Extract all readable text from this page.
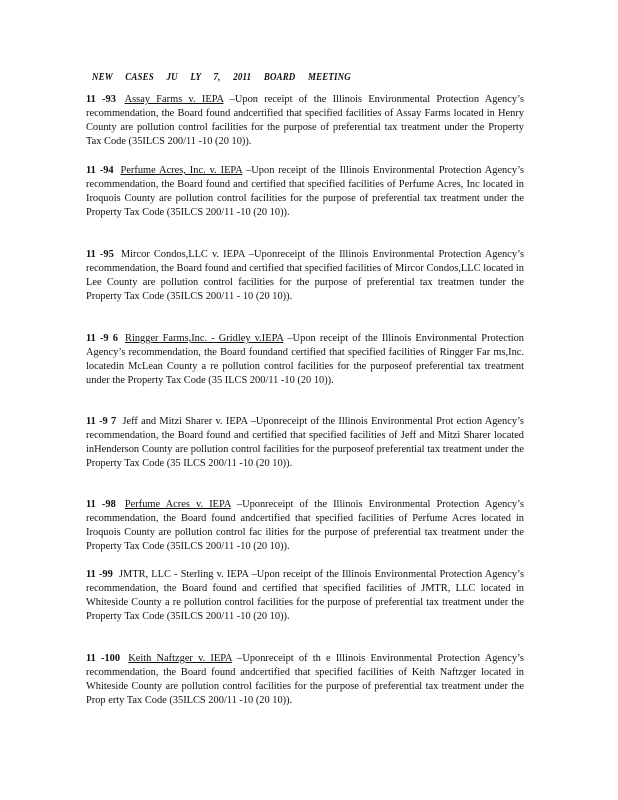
NEW CASES JU LY 7, 2011 BOARD MEETING

11 -93 Assay Farms v. IEPA –Upon receipt of the Illinois Environmental Protection Agency’s recommendation, the Board found andcertified that specified facilities of Assay Farms located in Henry County are pollution control facilities for the purpose of preferential tax treatment under the Property Tax Code (35ILCS 200/11 -10 (20 10)).

11 -94 Perfume Acres, Inc. v. IEPA –Upon receipt of the Illinois Environmental Protection Agency’s recommendation, the Board found and certified that specified facilities of Perfume Acres, Inc located in Iroquois County are pollution control facilities for the purpose of preferential tax treatment under the Property Tax Code (35ILCS 200/11 -10 (20 10)).

11 -95 Mircor Condos,LLC v. IEPA –Uponreceipt of the Illinois Environmental Protection Agency’s recommendation, the Board found and certified that specified facilities of Mircor Condos,LLC located in Lee County are pollution control facilities for the purpose of preferential tax treatmen tunder the Property Tax Code (35ILCS 200/11 - 10 (20 10)).

11 -9 6 Ringger Farms,Inc. - Gridley v.IEPA –Upon receipt of the Illinois Environmental Protection Agency’s recommendation, the Board foundand certified that specified facilities of Ringger Far ms,Inc. locatedin McLean County a re pollution control facilities for the purposeof preferential tax treatment under the Property Tax Code (35 ILCS 200/11 -10 (20 10)).

11 -9 7 Jeff and Mitzi Sharer v. IEPA –Uponreceipt of the Illinois Environmental Prot ection Agency’s recommendation, the Board found and certified that specified facilities of Jeff and Mitzi Sharer located inHenderson County are pollution control facilities for the purposeof preferential tax treatment under the Property Tax Code (35 ILCS 200/11 -10 (20 10)).

11 -98 Perfume Acres v. IEPA –Uponreceipt of the Illinois Environmental Protection Agency’s recommendation, the Board found andcertified that specified facilities of Perfume Acres located in Iroquois County are pollution control fac ilities for the purpose of preferential tax treatment under the Property Tax Code (35ILCS 200/11 -10 (20 10)).

11 -99 JMTR, LLC - Sterling v. IEPA –Upon receipt of the Illinois Environmental Protection Agency’s recommendation, the Board found and certified that specified facilities of JMTR, LLC located in Whiteside County a re pollution control facilities for the purpose of preferential tax treatment under the Property Tax Code (35ILCS 200/11 -10 (20 10)).

11 -100 Keith Naftzger v. IEPA –Uponreceipt of th e Illinois Environmental Protection Agency’s recommendation, the Board found andcertified that specified facilities of Keith Naftzger located in Whiteside County are pollution control facilities for the purpose of preferential tax treatment under the Prop erty Tax Code (35ILCS 200/11 -10 (20 10)).
